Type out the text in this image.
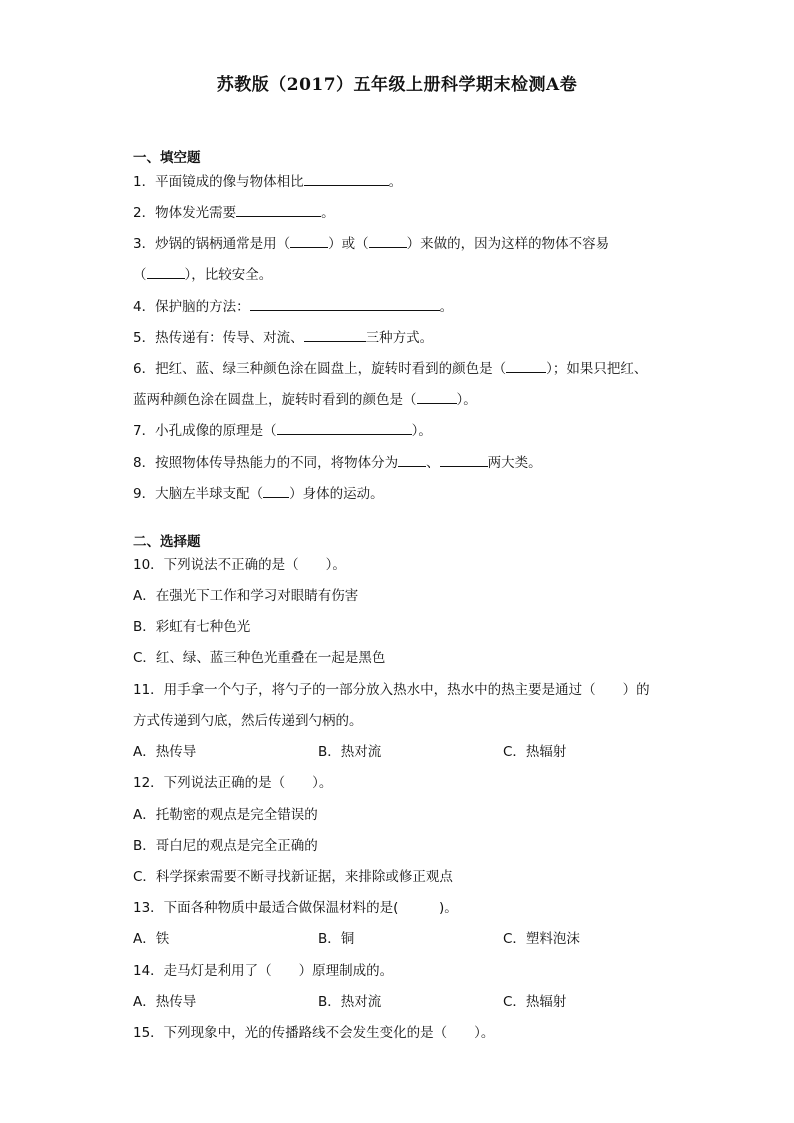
苏教版（2017）五年级上册科学期末检测A卷
一、填空题
1．平面镜成的像与物体相比	。
2．物体发光需要	。
3．炒锅的锅柄通常是用（	）或（	）来做的，因为这样的物体不容易
（	），比较安全。
4．保护脑的方法：	。
5．热传递有：传导、对流、	三种方式。
6．把红、蓝、绿三种颜色涂在圆盘上，旋转时看到的颜色是（	）；如果只把红、
蓝两种颜色涂在圆盘上，旋转时看到的颜色是（	）。
7．小孔成像的原理是（	）。
8．按照物体传导热能力的不同，将物体分为 、	两大类。
9．大脑左半球支配（ ）身体的运动。
二、选择题
10．下列说法不正确的是（　　）。
A．在强光下工作和学习对眼睛有伤害
B．彩虹有七种色光
C．红、绿、蓝三种色光重叠在一起是黑色
11．用手拿一个勺子，将勺子的一部分放入热水中，热水中的热主要是通过（　　）的
方式传递到勺底，然后传递到勺柄的。
A．热传导	B．热对流	C．热辐射
12．下列说法正确的是（　　）。
A．托勒密的观点是完全错误的
B．哥白尼的观点是完全正确的
C．科学探索需要不断寻找新证据，来排除或修正观点
13．下面各种物质中最适合做保温材料的是(　　　)。
A．铁	B．铜	C．塑料泡沫
14．走马灯是利用了（　　）原理制成的。
A．热传导	B．热对流	C．热辐射
15．下列现象中，光的传播路线不会发生变化的是（　　）。
